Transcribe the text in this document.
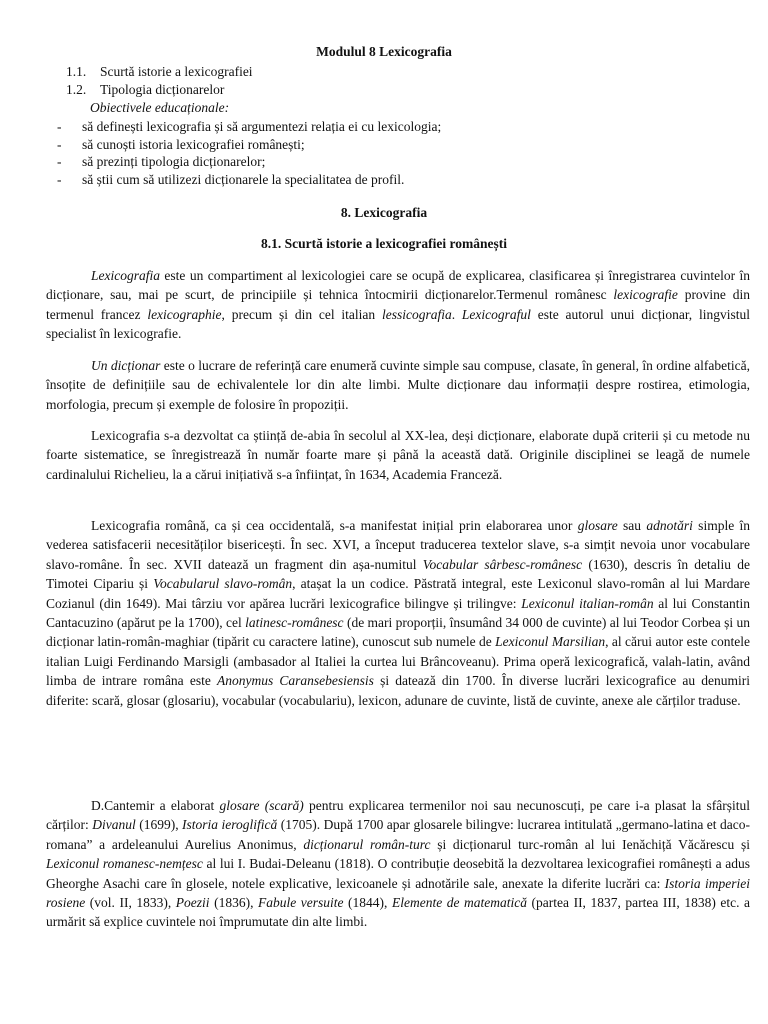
Modulul 8 Lexicografia
1.1. Scurtă istorie a lexicografiei
1.2. Tipologia dicționarelor
Obiectivele educaționale:
- să definești lexicografia și să argumentezi relația ei cu lexicologia;
- să cunoști istoria lexicografiei românești;
- să prezinți tipologia dicționarelor;
- să știi cum să utilizezi dicționarele la specialitatea de profil.
8. Lexicografia
8.1. Scurtă istorie a lexicografiei românești

Lexicografia este un compartiment al lexicologiei care se ocupă de explicarea, clasificarea și înregistrarea cuvintelor în dicționare, sau, mai pe scurt, de principiile și tehnica întocmirii dicționarelor.Termenul românesc lexicografie provine din termenul francez lexicographie, precum și din cel italian lessicografia. Lexicograful este autorul unui dicționar, lingvistul specialist în lexicografie.

Un dicționar este o lucrare de referință care enumeră cuvinte simple sau compuse, clasate, în general, în ordine alfabetică, însoțite de definițiile sau de echivalentele lor din alte limbi. Multe dicționare dau informații despre rostirea, etimologia, morfologia, precum și exemple de folosire în propoziții.

Lexicografia s-a dezvoltat ca știință de-abia în secolul al XX-lea, deși dicționare, elaborate după criterii și cu metode nu foarte sistematice, se înregistrează în număr foarte mare și până la această dată. Originile disciplinei se leagă de numele cardinalului Richelieu, la a cărui inițiativă s-a înființat, în 1634, Academia Franceză.

Lexicografia română, ca și cea occidentală, s-a manifestat inițial prin elaborarea unor glosare sau adnotări simple în vederea satisfacerii necesităților bisericești. În sec. XVI, a început traducerea textelor slave, s-a simțit nevoia unor vocabulare slavo-române. În sec. XVII datează un fragment din așa-numitul Vocabular sârbesc-românesc (1630), descris în detaliu de Timotei Cipariu și Vocabularul slavo-român, atașat la un codice. Păstrată integral, este Lexiconul slavo-român al lui Mardare Cozianul (din 1649). Mai târziu vor apărea lucrări lexicografice bilingve și trilingve: Lexiconul italian-român al lui Constantin Cantacuzino (apărut pe la 1700), cel latinesc-românesc (de mari proporții, însumând 34 000 de cuvinte) al lui Teodor Corbea și un dicționar latin-român-maghiar (tipărit cu caractere latine), cunoscut sub numele de Lexiconul Marsilian, al cărui autor este contele italian Luigi Ferdinando Marsigli (ambasador al Italiei la curtea lui Brâncoveanu). Prima operă lexicografică, valah-latin, având limba de intrare româna este Anonymus Caransebesiensis și datează din 1700. În diverse lucrări lexicografice au denumiri diferite: scară, glosar (glosariu), vocabular (vocabulariu), lexicon, adunare de cuvinte, listă de cuvinte, anexe ale cărților traduse.

D.Cantemir a elaborat glosare (scară) pentru explicarea termenilor noi sau necunoscuți, pe care i-a plasat la sfârșitul cărților: Divanul (1699), Istoria ieroglifică (1705). După 1700 apar glosarele bilingve: lucrarea intitulată „germano-latina et daco-romana” a ardeleanului Aurelius Anonimus, dicționarul român-turc și dicționarul turc-român al lui Ienăchiță Văcărescu și Lexiconul romanesc-nemțesc al lui I. Budai-Deleanu (1818). O contribuție deosebită la dezvoltarea lexicografiei românești a adus Gheorghe Asachi care în glosele, notele explicative, lexicoanele și adnotările sale, anexate la diferite lucrări ca: Istoria imperiei rosiene (vol. II, 1833), Poezii (1836), Fabule versuite (1844), Elemente de matematică (partea II, 1837, partea III, 1838) etc. a urmărit să explice cuvintele noi împrumutate din alte limbi.
